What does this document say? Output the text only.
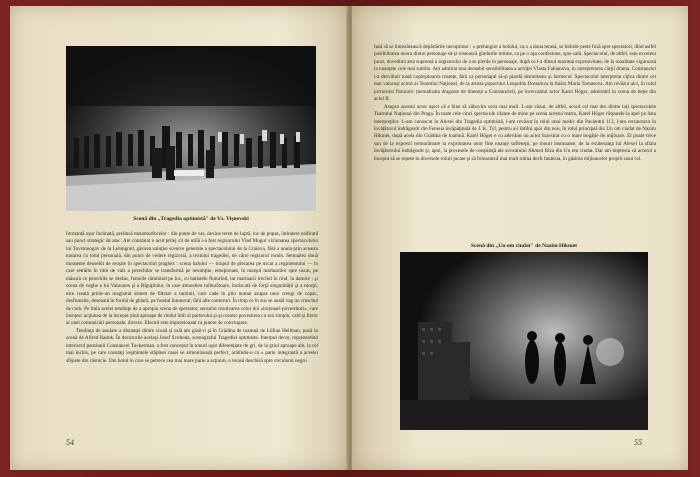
Scenă din „Tragedia optimistă" de Vs. Vişnevski

formantă uşor înclinată, prelinsă metamorfocelor : din punte de vas, devine teren de luptă, loc de popas, întindere neifirată sau punct strategic de atac. Am constatat o acut prilej cit de utilă i-a fost regizorului Vlad Mugur vizionarea spectacolului lui Tovstonogov de la Leningrad, găsirea soluţiei scenice generale a spectacolului de la Craiova, fără a anula prin aceasta tratarea cu totul personală, din punct de vedere regizoral, a textului tragediei, de către regizorul romîn. Semnalez două momente deosebit de reuşite în spectacolul praghez : scena balului — timpul de plecarea pe uscat a regimentului — în care retrăim în ritm de vals a perechilor se transformă pe nesimţite, emoţionant, în marşul marinarilor spre uscat, pe măsură ce perechile se desfac, femeile rămînind pe loc, cu batistele fluturînd, iar marinarii trecînd în rînd, la datorie ; şi scena de veghe a lui Vainonen şi a Rîguţilului, în care atmosfera tulburătoare, încărcată de forţă singurătăţii şi a morţii, este creată printr-un magistral sistem de filtrare a luminii, care cade în plin numai asupra unei crengi de copac, desfrunzite, desenată în formă de ghiară, pe fondul întunecat, fără alte contururi. În timp ce în sus se anală vag un crescînd de corb. Pe linia acelei tendinţe de a apropia scena de spectator, sensului rezolvarea celor doi «boţonari-povestitori», care însoţesc acţiunea de la început pînă aproape de rindul întîi al parterului şi-şi rostesc povestirea cu ton simplu, cald şi firesc al unei comunicări personale, directe. Efectul este impresionant ca putere de convingere.

Tendinţa de anulare a distanţei dintre scenă şi sală am găsit-o şi în Grădina de toamnă de Lillian Hellman, pusă în scenă de Alfred Radok. În decorurile acelaşi Josef Svoboda, scenograful Tragediei optimiste. Interpul decor, reprezentînd interiorul pensiunii Constancei Tuckerman, a fost conceput în tonuri uşor diferenţiate de gri, de la griul aproape alb, la cel mai închis, pe care constaţi veşmintele stăpînei casei se armonizează perfect, arătîndu-o ca « parte integrantă a acestei sfîşiete din căsnicie. Din holul în care se petrece cea mai mare parte a acţiunii, o terasă deschisă spre circularul negru

54

Iasă să se întrezărească depărtările necuprinse : « prelungire a holului, ca o a doua terasă, se întinde peste fosă spre spectatori, dînd astfel posibilitatea unora dintre personaje să-şi rostească gîndurile intime, ca pe o aşa confesiune, spre sală. Spectacolul, de altfel, este excelent jucat, dovedind arta supremă a regizorului de a se pierde în personaje, după ce l-a dînsul maximă expresivitate, de la tonalitate viguroasă la nuanţele cele mai subtile. Am admirat mai deosebit sensibilitatea a actriţei Vlasta Fabianova, în interpretarea cărţii drama. Constanciei i-a dezvăluit toată copleşitoarea tristeţe, fără ca personajul să-şi piardă demnitatea şi farmecul. Spectacolul interpretat cîţiva dintre cei mai valoroşi actori ai Teatrului Naţional, de la artista poporului Leopolda Dostalova la tînăra Maria Tomasova. Am revăzut aici, în rolul pictorului fîsturatic (nerealizata dragoste de tinereţe a Constanciei), pe încercantul actor Karel Höger, admirabil în scena de beţie din actul II.

Asupra acestui actor aşect că e bine să zăbovim ceva mai mult. L-am văzut, de altfel, acord cel mai des dintre toţi spectacolele Teatrului Naţional din Praga. În toate cele cinci spectacole văzute de mine pe scena acestui teatru, Karel Höger răspunde la apel pe lista interpreţilor. L-am cunoscut în Alexei din Tragedia optimistă, l-am revăzut în rolul unui medic din Pacientul 113, l-am recunoscut în învăţătorul îndrăgostit din Femeia încăpăţînată de J. K. Tyl, pentru a-l întîlni apoi din nou, în rolul principal din Un om ciudat de Nazim Hikmet, după acela din Grădina de toamnă. Karel Höger e cu adevărat un actor înzestrat cu o mare bogăţie de mijloace. El poate trece sau de la expresii tremurătoare la exprimarea unor fine nuanţe sufleteşti, pe tonuri însinuante, de la exuberanţa lui Alexei la sfiala învăţătorului îndrăgostit şi, apoi, la procesele de conştiinţă ale avocatului Ahmed Riza din Un om ciudat. Dar am impresia că actorul a început să se repete în diversele roluri jucate şi să folosească mai mult rutina decît fantezia, în găsirea mijloacelor proprii unui rol.

Scenă din „Un om ciudat" de Nazim Hikmet
55
